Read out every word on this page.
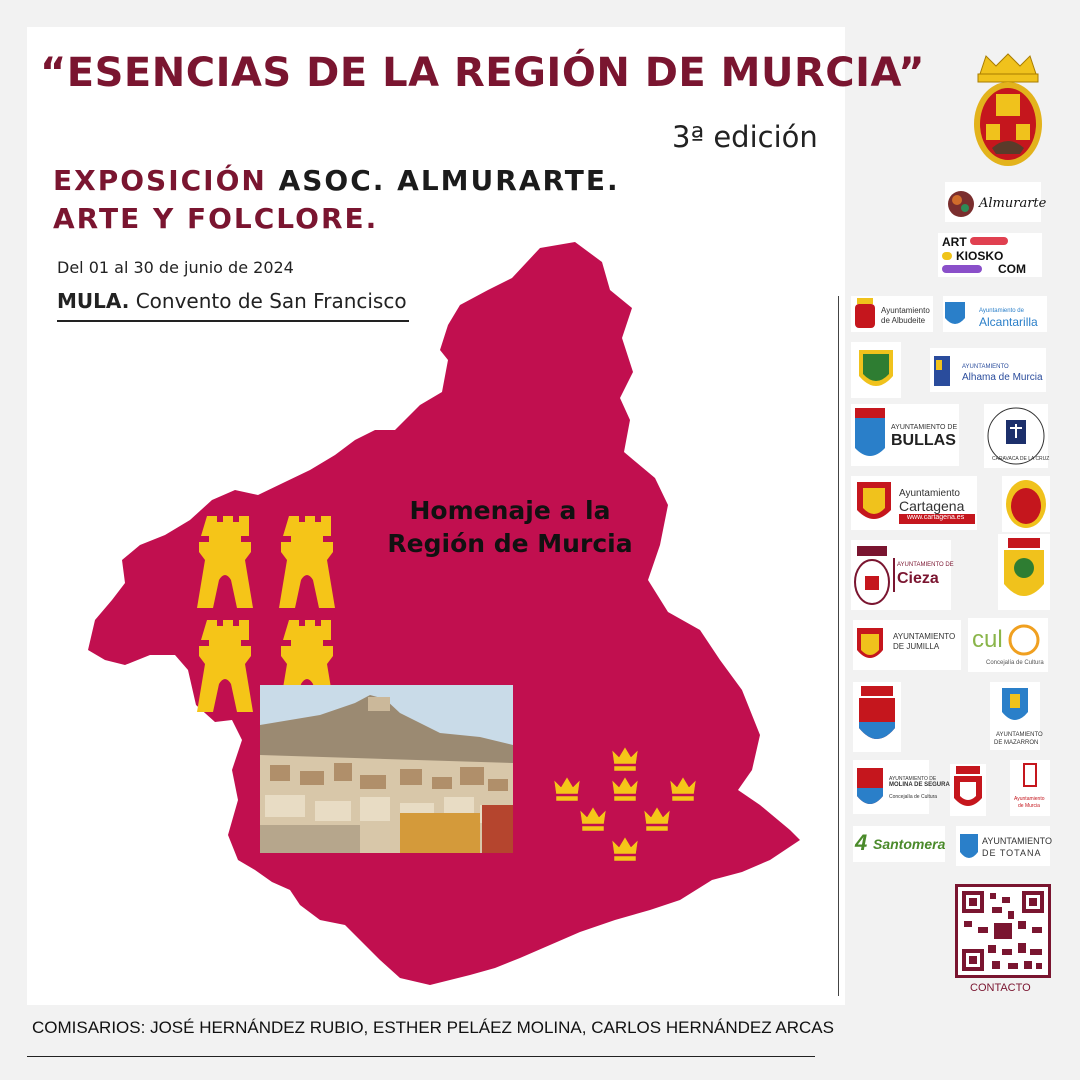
“ESENCIAS DE LA REGIÓN DE MURCIA”
3ª edición
EXPOSICIÓN ASOC. ALMURARTE.
ARTE Y FOLCLORE.
Del 01 al 30 de junio de 2024
MULA. Convento de San Francisco
Homenaje a la
Región de Murcia
Almurarte
ART
KIOSKO
COM
Ayuntamiento de Albudeite
Ayuntamiento de
Alcantarilla
AYUNTAMIENTO
Alhama de Murcia
AYUNTAMIENTO DE
BULLAS
CARAVACA DE LA CRUZ
Ayuntamiento
Cartagena
www.cartagena.es
AYUNTAMIENTO DE
Cieza
AYUNTAMIENTO
DE JUMILLA cul
Concejalía de Cultura
AYUNTAMIENTO
DE MAZARRON
AYUNTAMIENTO DE
MOLINA DE SEGURA
Concejalía de Cultura	Ayuntamiento
de Murcia
4 Santomera	AYUNTAMIENTO
DE TOTANA
CONTACTO
COMISARIOS: JOSÉ HERNÁNDEZ RUBIO, ESTHER PELÁEZ MOLINA, CARLOS HERNÁNDEZ ARCAS
